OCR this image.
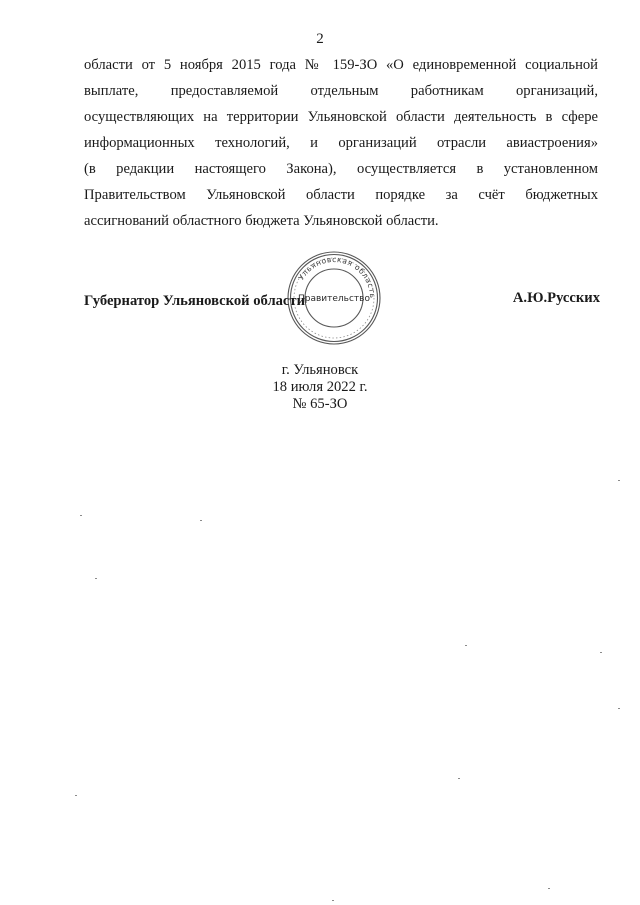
2

области от 5 ноября 2015 года № 159-ЗО «О единовременной социальной
выплате, предоставляемой отдельным работникам организаций,
осуществляющих на территории Ульяновской области деятельность в сфере
информационных технологий, и организаций отрасли авиастроения»
(в редакции настоящего Закона), осуществляется в установленном
Правительством Ульяновской области порядке за счёт бюджетных
ассигнований областного бюджета Ульяновской области.

Губернатор Ульяновской области	А.Ю.Русских
Ульяновская область
Правительство
г. Ульяновск
18 июля 2022 г.
№ 65-ЗО
